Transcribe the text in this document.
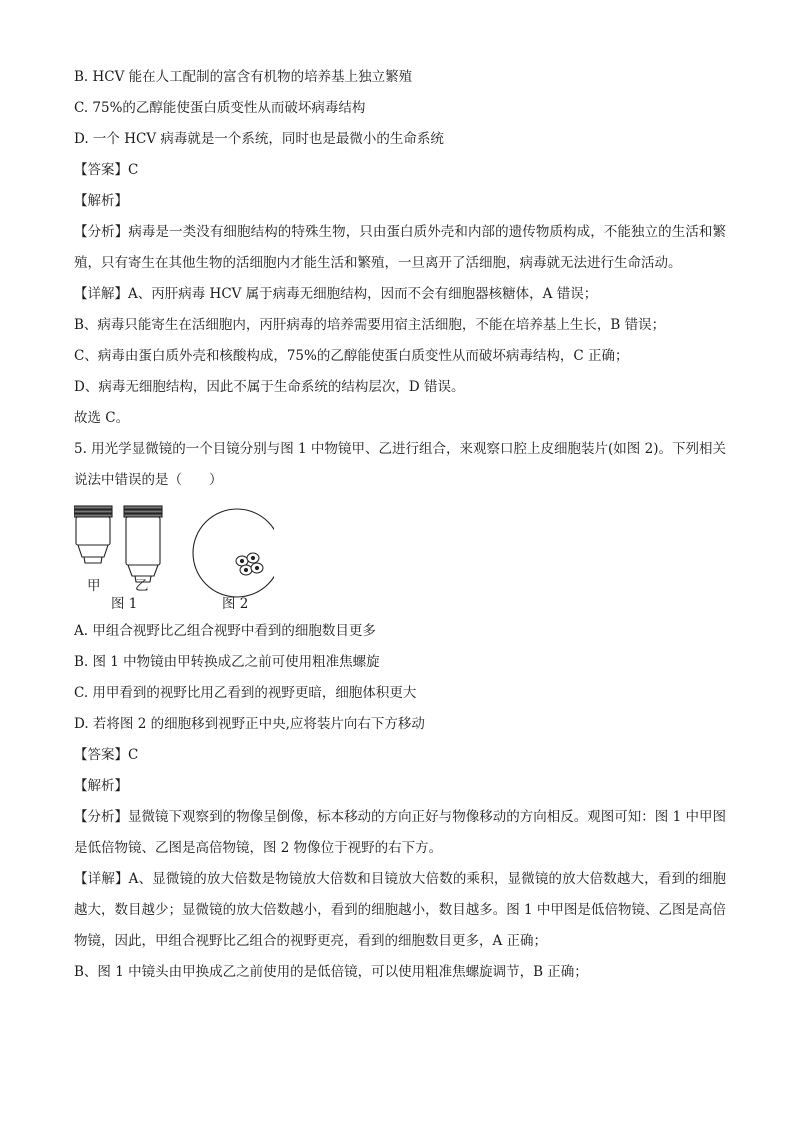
B. HCV 能在人工配制的富含有机物的培养基上独立繁殖
C. 75%的乙醇能使蛋白质变性从而破坏病毒结构
D. 一个 HCV 病毒就是一个系统，同时也是最微小的生命系统
【答案】C
【解析】
【分析】病毒是一类没有细胞结构的特殊生物，只由蛋白质外壳和内部的遗传物质构成，不能独立的生活和繁殖，只有寄生在其他生物的活细胞内才能生活和繁殖，一旦离开了活细胞，病毒就无法进行生命活动。
【详解】A、丙肝病毒 HCV 属于病毒无细胞结构，因而不会有细胞器核糖体，A 错误；
B、病毒只能寄生在活细胞内，丙肝病毒的培养需要用宿主活细胞，不能在培养基上生长，B 错误；
C、病毒由蛋白质外壳和核酸构成，75%的乙醇能使蛋白质变性从而破坏病毒结构，C 正确；
D、病毒无细胞结构，因此不属于生命系统的结构层次，D 错误。
故选 C。
5. 用光学显微镜的一个目镜分别与图 1 中物镜甲、乙进行组合，来观察口腔上皮细胞装片(如图 2)。下列相关说法中错误的是（　　）
甲	乙
图 1	图 2
A. 甲组合视野比乙组合视野中看到的细胞数目更多
B. 图 1 中物镜由甲转换成乙之前可使用粗准焦螺旋
C. 用甲看到的视野比用乙看到的视野更暗，细胞体积更大
D. 若将图 2 的细胞移到视野正中央,应将装片向右下方移动
【答案】C
【解析】
【分析】显微镜下观察到的物像呈倒像，标本移动的方向正好与物像移动的方向相反。观图可知：图 1 中甲图是低倍物镜、乙图是高倍物镜，图 2 物像位于视野的右下方。
【详解】A、显微镜的放大倍数是物镜放大倍数和目镜放大倍数的乘积，显微镜的放大倍数越大，看到的细胞越大，数目越少；显微镜的放大倍数越小，看到的细胞越小，数目越多。图 1 中甲图是低倍物镜、乙图是高倍物镜，因此，甲组合视野比乙组合的视野更亮，看到的细胞数目更多，A 正确；
B、图 1 中镜头由甲换成乙之前使用的是低倍镜，可以使用粗准焦螺旋调节，B 正确；
